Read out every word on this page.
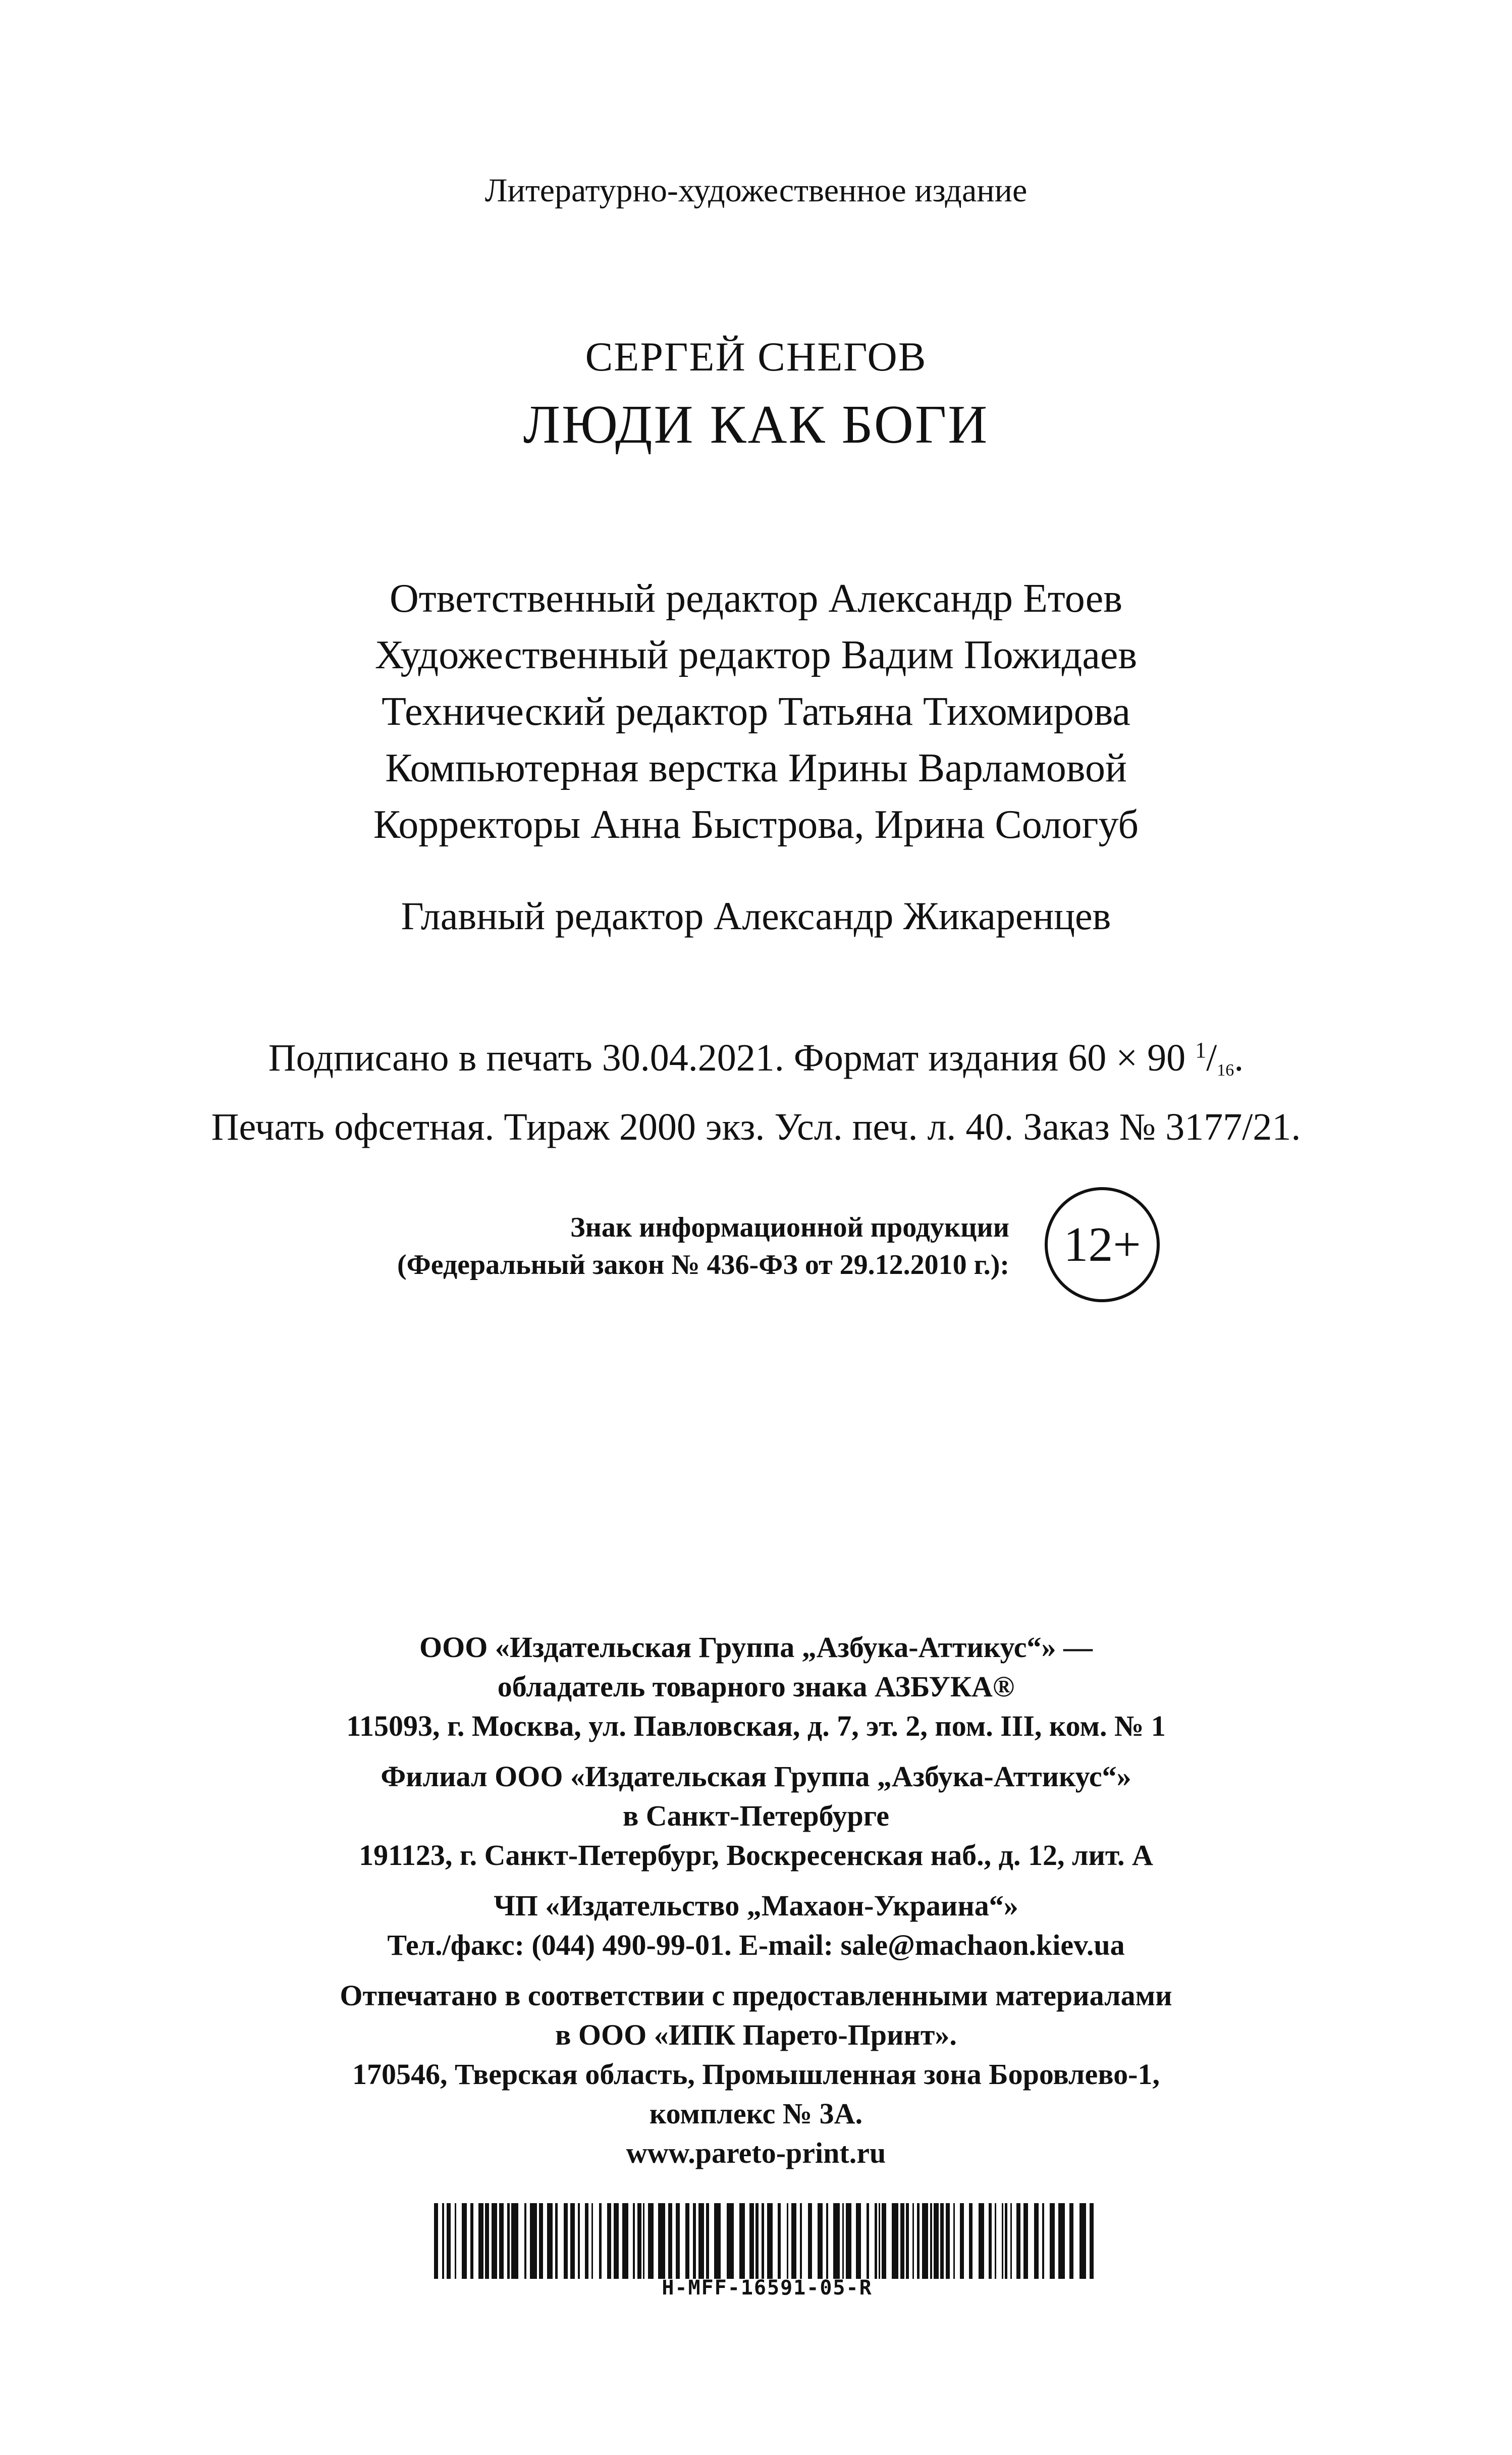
Литературно-художественное издание
СЕРГЕЙ СНЕГОВ
ЛЮДИ КАК БОГИ
Ответственный редактор Александр Етоев
Художественный редактор Вадим Пожидаев
Технический редактор Татьяна Тихомирова
Компьютерная верстка Ирины Варламовой
Корректоры Анна Быстрова, Ирина Сологуб
Главный редактор Александр Жикаренцев
Подписано в печать 30.04.2021. Формат издания 60 × 90 $^1/_{16}$.
Печать офсетная. Тираж 2000 экз. Усл. печ. л. 40. Заказ № 3177/21.
Знак информационной продукции
(Федеральный закон № 436-ФЗ от 29.12.2010 г.):	12+
ООО «Издательская Группа „Азбука-Аттикус“» —
обладатель товарного знака АЗБУКА®
115093, г. Москва, ул. Павловская, д. 7, эт. 2, пом. III, ком. № 1
Филиал ООО «Издательская Группа „Азбука-Аттикус“»
в Санкт-Петербурге
191123, г. Санкт-Петербург, Воскресенская наб., д. 12, лит. А
ЧП «Издательство „Махаон-Украина“»
Тел./факс: (044) 490-99-01. E-mail: sale@machaon.kiev.ua
Отпечатано в соответствии с предоставленными материалами
в ООО «ИПК Парето-Принт».
170546, Тверская область, Промышленная зона Боровлево-1,
комплекс № 3А.
www.pareto-print.ru
H-MFF-16591-05-R
